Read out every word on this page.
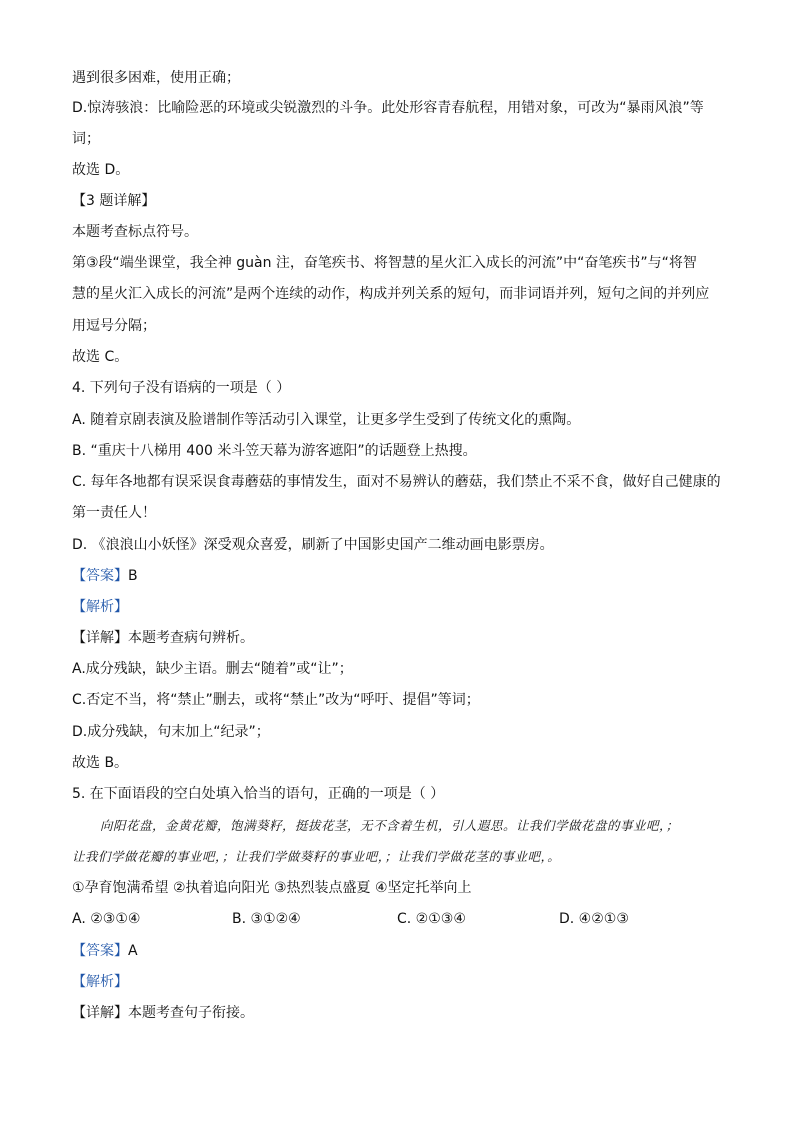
遇到很多困难，使用正确；
D.惊涛骇浪：比喻险恶的环境或尖锐激烈的斗争。此处形容青春航程，用错对象，可改为“暴雨风浪”等
词；
故选 D。
【3 题详解】
本题考查标点符号。
第③段“端坐课堂，我全神 guàn 注，奋笔疾书、将智慧的星火汇入成长的河流”中“奋笔疾书”与“将智
慧的星火汇入成长的河流”是两个连续的动作，构成并列关系的短句，而非词语并列，短句之间的并列应
用逗号分隔；
故选 C。
4. 下列句子没有语病的一项是（ ）
A. 随着京剧表演及脸谱制作等活动引入课堂，让更多学生受到了传统文化的熏陶。
B. “重庆十八梯用 400 米斗笠天幕为游客遮阳”的话题登上热搜。
C. 每年各地都有误采误食毒蘑菇的事情发生，面对不易辨认的蘑菇，我们禁止不采不食，做好自己健康的
第一责任人！
D. 《浪浪山小妖怪》深受观众喜爱，刷新了中国影史国产二维动画电影票房。
【答案】B
【解析】
【详解】本题考查病句辨析。
A.成分残缺，缺少主语。删去“随着”或“让”；
C.否定不当，将“禁止”删去，或将“禁止”改为“呼吁、提倡”等词；
D.成分残缺，句末加上“纪录”；
故选 B。
5. 在下面语段的空白处填入恰当的语句，正确的一项是（ ）
向阳花盘，金黄花瓣，饱满葵籽，挺拔花茎，无不含着生机，引人遐思。让我们学做花盘的事业吧，；
让我们学做花瓣的事业吧，；让我们学做葵籽的事业吧，；让我们学做花茎的事业吧，。
①孕育饱满希望 ②执着追向阳光 ③热烈装点盛夏 ④坚定托举向上
A. ②③①④	B. ③①②④	C. ②①③④	D. ④②①③
【答案】A
【解析】
【详解】本题考查句子衔接。
